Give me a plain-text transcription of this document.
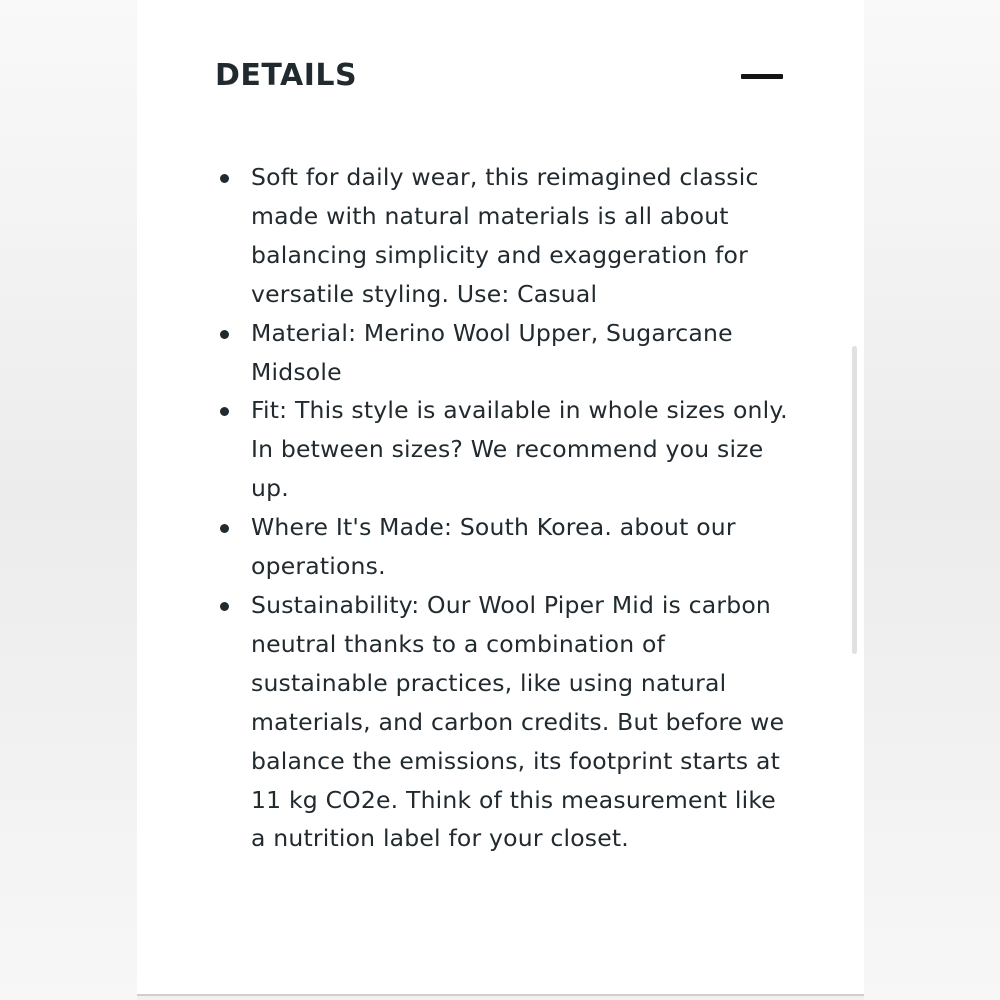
DETAILS
Soft for daily wear, this reimagined classic made with natural materials is all about balancing simplicity and exaggeration for versatile styling. Use: Casual
Material: Merino Wool Upper, Sugarcane Midsole
Fit: This style is available in whole sizes only. In between sizes? We recommend you size up.
Where It's Made: South Korea. about our operations.
Sustainability: Our Wool Piper Mid is carbon neutral thanks to a combination of sustainable practices, like using natural materials, and carbon credits. But before we balance the emissions, its footprint starts at 11 kg CO2e. Think of this measurement like a nutrition label for your closet.
